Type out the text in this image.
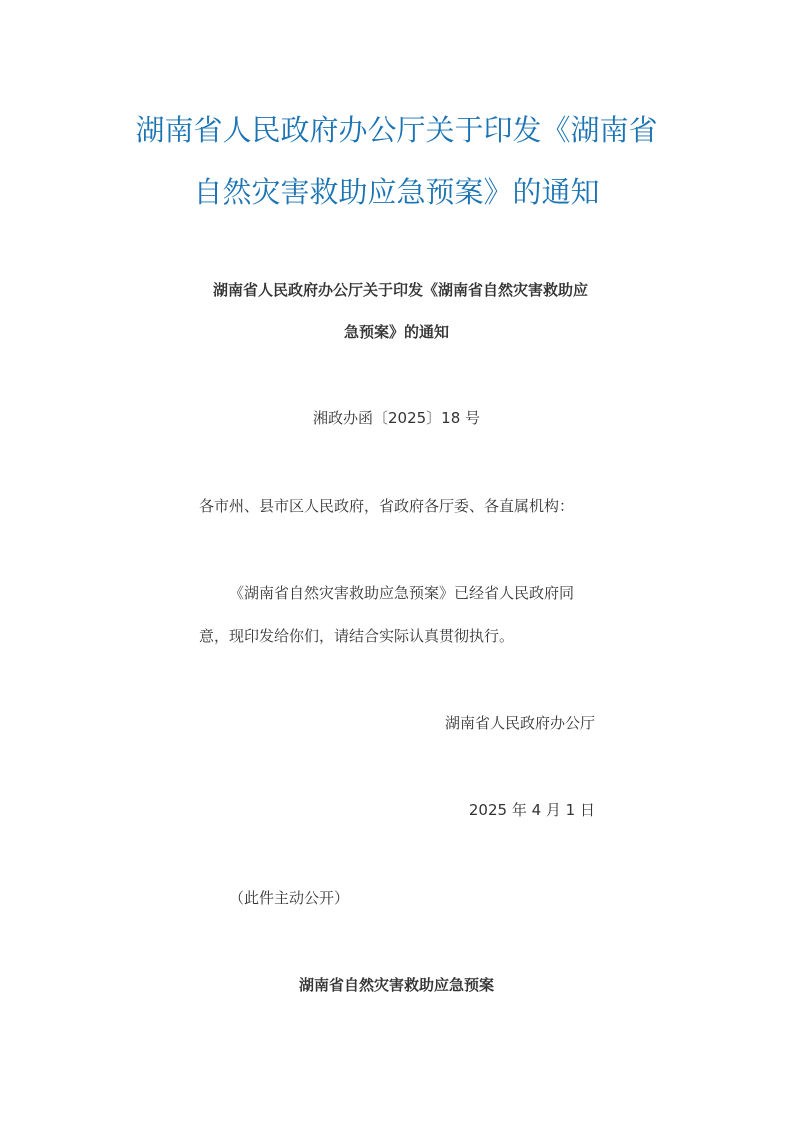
湖南省人民政府办公厅关于印发《湖南省
自然灾害救助应急预案》的通知

湖南省人民政府办公厅关于印发《湖南省自然灾害救助应

急预案》的通知

湘政办函〔2025〕18 号

各市州、县市区人民政府，省政府各厅委、各直属机构：

《湖南省自然灾害救助应急预案》已经省人民政府同

意，现印发给你们，请结合实际认真贯彻执行。

湖南省人民政府办公厅

2025 年 4 月 1 日

（此件主动公开）

湖南省自然灾害救助应急预案
